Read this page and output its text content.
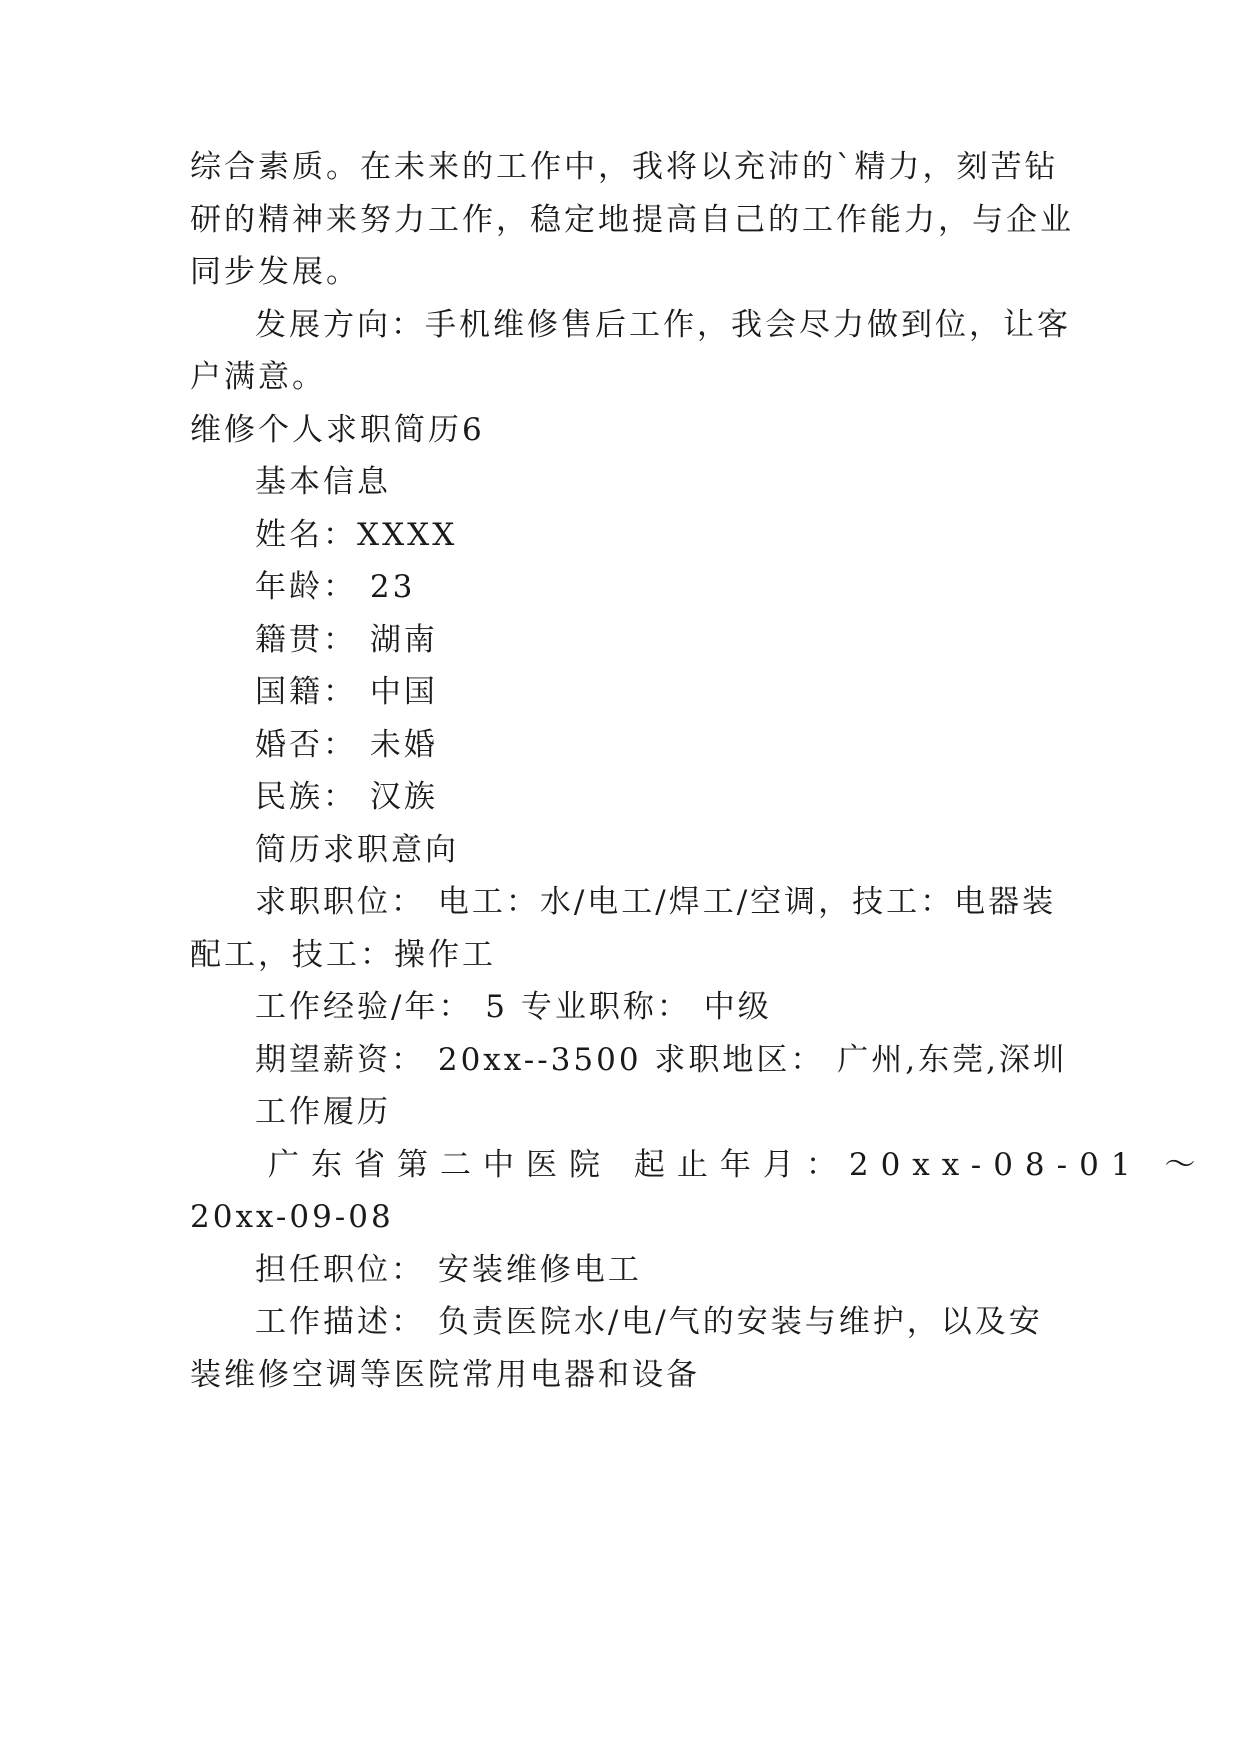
综合素质。在未来的工作中，我将以充沛的`精力，刻苦钻
研的精神来努力工作，稳定地提高自己的工作能力，与企业
同步发展。
发展方向：手机维修售后工作，我会尽力做到位，让客
户满意。
维修个人求职简历6
基本信息
姓名：XXXX
年龄： 23
籍贯： 湖南
国籍： 中国
婚否： 未婚
民族： 汉族
简历求职意向
求职职位： 电工：水/电工/焊工/空调，技工：电器装
配工，技工：操作工
工作经验/年： 5 专业职称： 中级
期望薪资： 20xx--3500 求职地区： 广州,东莞,深圳
工作履历
广东省第二中医院 起止年月：20xx-08-01 ～
20xx-09-08
担任职位： 安装维修电工
工作描述： 负责医院水/电/气的安装与维护，以及安
装维修空调等医院常用电器和设备
